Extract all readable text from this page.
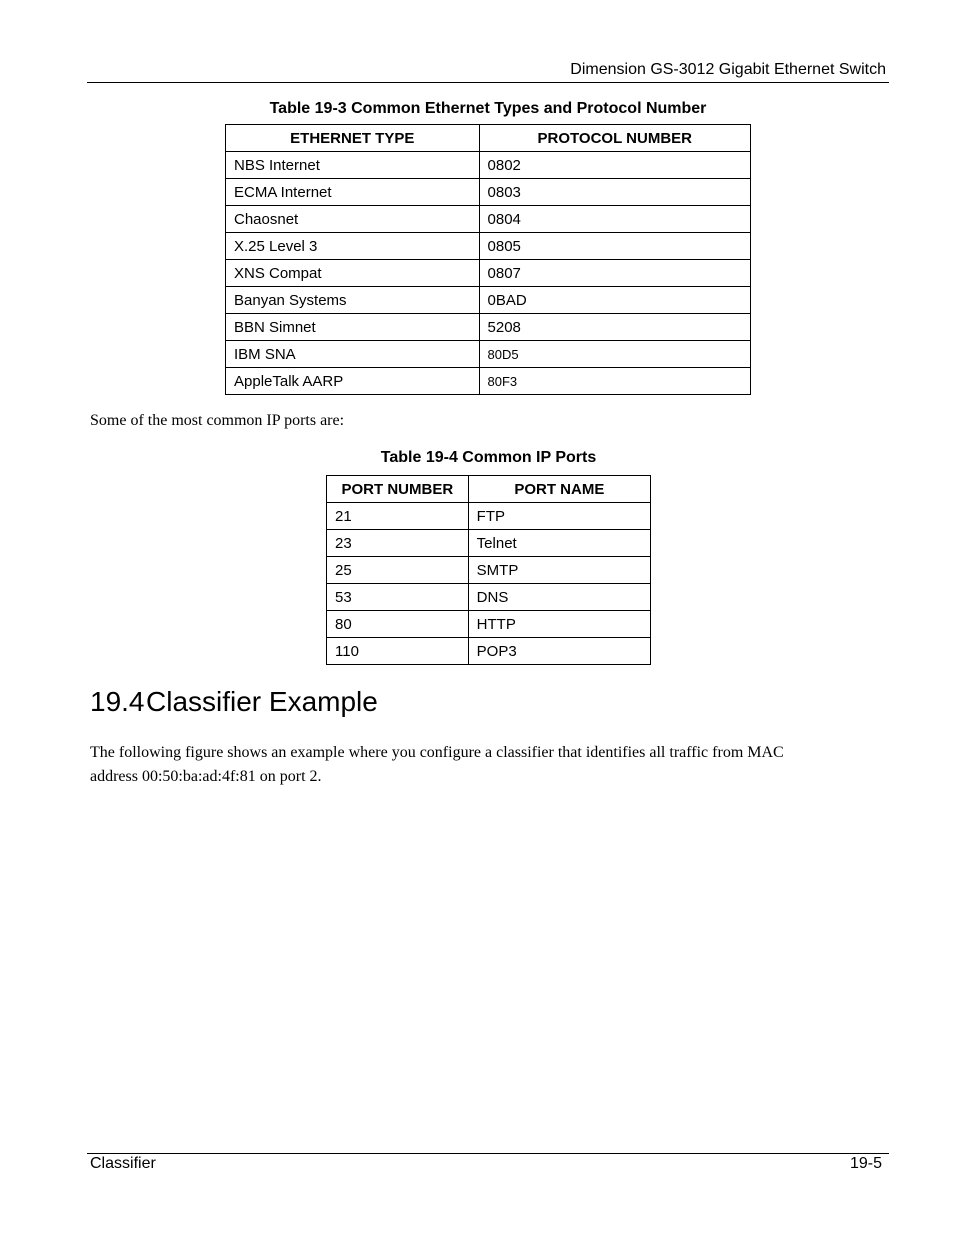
Dimension GS-3012 Gigabit Ethernet Switch
Table 19-3 Common Ethernet Types and Protocol Number
ETHERNET TYPE	PROTOCOL NUMBER
NBS Internet	0802
ECMA Internet	0803
Chaosnet	0804
X.25 Level 3	0805
XNS Compat	0807
Banyan Systems	0BAD
BBN Simnet	5208
IBM SNA	80D5
AppleTalk AARP	80F3
Some of the most common IP ports are:
Table 19-4 Common IP Ports
PORT NUMBER	PORT NAME
21	FTP
23	Telnet
25	SMTP
53	DNS
80	HTTP
110	POP3
19.4Classifier Example
The following figure shows an example where you configure a classifier that identifies all traffic from MAC
address 00:50:ba:ad:4f:81 on port 2.
Classifier	19-5
